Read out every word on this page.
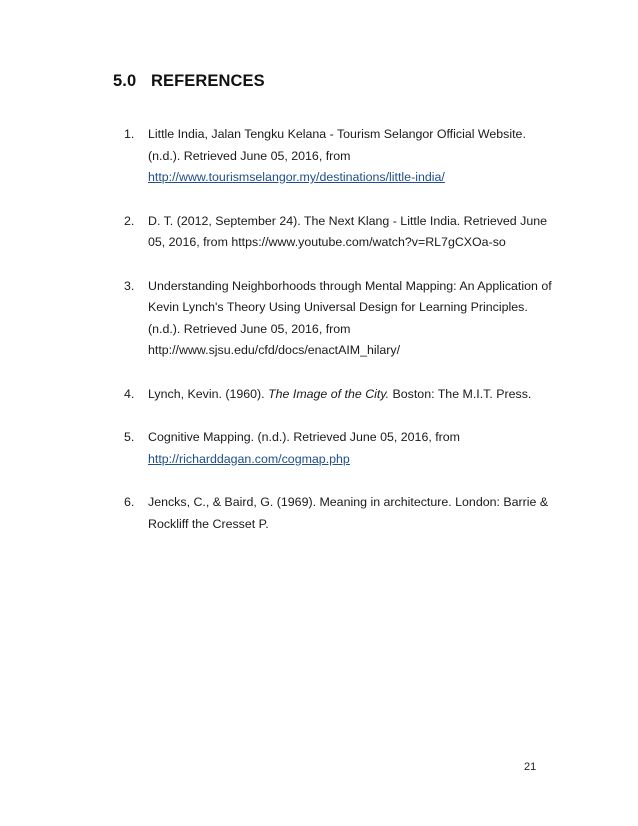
5.0 REFERENCES
1. Little India, Jalan Tengku Kelana - Tourism Selangor Official Website.
(n.d.). Retrieved June 05, 2016, from
http://www.tourismselangor.my/destinations/little-india/
2. D. T. (2012, September 24). The Next Klang - Little India. Retrieved June
05, 2016, from https://www.youtube.com/watch?v=RL7gCXOa-so
3. Understanding Neighborhoods through Mental Mapping: An Application of
Kevin Lynch's Theory Using Universal Design for Learning Principles.
(n.d.). Retrieved June 05, 2016, from
http://www.sjsu.edu/cfd/docs/enactAIM_hilary/
4. Lynch, Kevin. (1960). The Image of the City. Boston: The M.I.T. Press.
5. Cognitive Mapping. (n.d.). Retrieved June 05, 2016, from
http://richarddagan.com/cogmap.php
6. Jencks, C., & Baird, G. (1969). Meaning in architecture. London: Barrie &
Rockliff the Cresset P.
21
